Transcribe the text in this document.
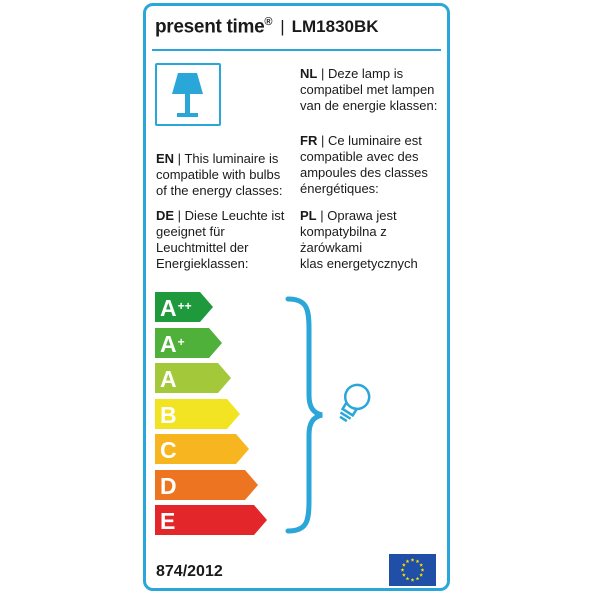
present time® | LM1830BK
EN | This luminaire is
compatible with bulbs
of the energy classes:
DE | Diese Leuchte ist
geeignet für
Leuchtmittel der
Energieklassen:
NL | Deze lamp is
compatibel met lampen
van de energie klassen:
FR | Ce luminaire est
compatible avec des
ampoules des classes
énergétiques:
PL | Oprawa jest
kompatybilna z
żarówkami
klas energetycznych
A++
A+
A
B
C
D
E
874/2012
